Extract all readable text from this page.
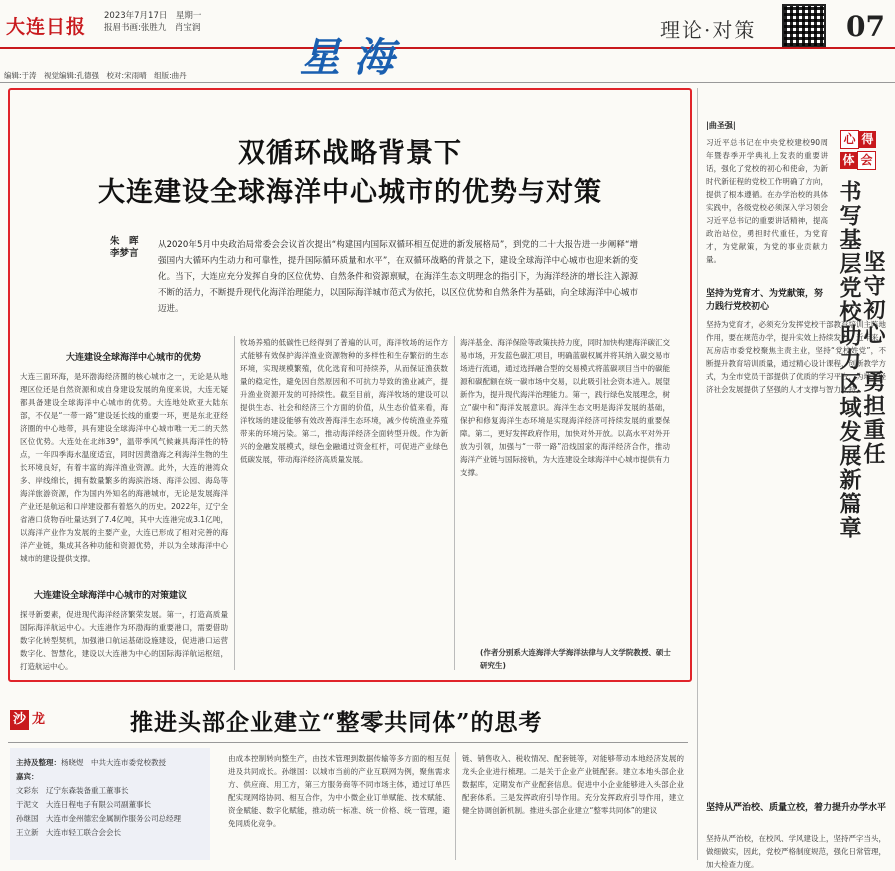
大连日报 2023年7月17日　星期一
报眉书画:张胜九　肖宝润	理论·对策	07
星海
编辑:于涛　视觉编辑:孔德强　校对:宋雨晴　组版:曲丹
双循环战略背景下
大连建设全球海洋中心城市的优势与对策
朱　晖
李梦言
从2020年5月中央政治局常委会会议首次提出“构建国内国际双循环相互促进的新发展格局”，到党的二十大报告进一步阐释“增强国内大循环内生动力和可靠性，提升国际循环质量和水平”，在双循环战略的背景之下，建设全球海洋中心城市也迎来新的变化。当下，大连应充分发挥自身的区位优势、自然条件和资源禀赋，在海洋生态文明理念的指引下，为海洋经济的增长注入源源不断的活力，不断提升现代化海洋治理能力，以国际海洋城市范式为依托，以区位优势和自然条件为基础，向全球海洋中心城市迈进。
大连建设全球海洋中心城市的优势
大连三面环海，是环渤海经济圈的核心城市之一，无论是从地理区位还是自然资源和成自身建设发展的角度来说，大连无疑都具备建设全球海洋中心城市的优势。大连地处欧亚大陆东部，不仅是“一带一路”建设延长线的重要一环，更是东北亚经济圈的中心地带，具有建设全球海洋中心城市唯一无二的天然区位优势。大连处在北纬39°，温带季风气候兼具海洋性的特点，一年四季海水温度适宜，同时因黄渤海之利海洋生物的生长环境良好，有着丰富的海洋渔业资源。此外，大连的港湾众多、岸线绵长，拥有数量繁多的海滨浴场、海洋公园、海岛等海洋旅游资源，作为国内外知名的海港城市，无论是发展海洋产业还是航运和口岸建设都有着悠久的历史。2022年，辽宁全省港口货物吞吐量达到了7.4亿吨，其中大连港完成3.1亿吨，以海洋产业作为发展的主要产业，大连已形成了相对完善的海洋产业链，集成其各种功能和资源优势，并以为全球海洋中心城市的建设提供支撑。
大连建设全球海洋中心城市的对策建议
探寻新要素，促进现代海洋经济繁荣发展。第一，打造高质量国际海洋航运中心。大连港作为环渤海的重要港口，需要借助数字化转型契机，加强港口航运基础设施建设，促进港口运营数字化、智慧化，建设以大连港为中心的国际海洋航运枢纽，打造航运中心。
牧场养殖的低碳性已经得到了普遍的认可，海洋牧场的运作方式能够有效保护海洋渔业资源物种的多样性和生存繁衍的生态环境，实现规模繁殖，优化选育和可持续养，从而保证渔获数量的稳定性，避免因自然原因和不可抗力导致的渔业减产，提升渔业资源开发的可持续性。截至目前，海洋牧场的建设可以提供生态、社会和经济三个方面的价值，从生态价值来看，海洋牧场的建设能够有效改善海洋生态环境，减少传统渔业养殖带来的环境污染。第二，推动海洋经济全面转型升级。作为新兴的金融发展模式，绿色金融通过资金杠杆，可促进产业绿色低碳发展，带动海洋经济高质量发展。
海洋基金、海洋保险等政策扶持力度，同时加快构建海洋碳汇交易市场，开发蓝色碳汇项目，明确蓝碳权属并将其纳入碳交易市场进行流通，通过选择融合型的交易模式将蓝碳项目当中的碳能源和碳配额在统一碳市场中交易，以此吸引社会资本进入。展望新作为，提升现代海洋治理能力。第一，践行绿色发展理念，树立“碳中和”海洋发展意识。海洋生态文明是海洋发展的基础，保护和修复海洋生态环境是实现海洋经济可持续发展的重要保障。第二，更好发挥政府作用，加快对外开放。以高水平对外开放为引领，加强与“一带一路”沿线国家的海洋经济合作，推动海洋产业链与国际接轨，为大连建设全球海洋中心城市提供有力支撑。
(作者分别系大连海洋大学海洋法律与人文学院教授、硕士研究生)
|曲圣强|
心 得体 会
书写基层党校助力区域发展新篇章
坚守初心　勇担重任
习近平总书记在中央党校建校90周年暨春季开学典礼上发表的重要讲话，强化了党校的初心和使命，为新时代新征程的党校工作明确了方向，提供了根本遵循。在办学治校的具体实践中，各级党校必须深入学习领会习近平总书记的重要讲话精神，提高政治站位，勇担时代重任，为党育才，为党献策，为党的事业贡献力量。
坚持为党育才、为党献策，努力践行党校初心
坚持为党育才，必须充分发挥党校干部教育培训主阵地作用，要在规范办学，提升实效上持续发力。近年来，瓦房店市委党校聚焦主责主业，坚持“党校姓党”，不断提升教育培训质量，通过精心设计课程，创新教学方式，为全市党员干部提供了优质的学习平台，为地方经济社会发展提供了坚强的人才支撑与智力支持。
坚持从严治校、质量立校，着力提升办学水平
坚持从严治校，在校风、学风建设上，坚持严字当头，做细做实，因此，党校严格制度规范，强化日常管理，加大检查力度。
沙 龙	推进头部企业建立“整零共同体”的思考
主持及整理：杨晓煜　中共大连市委党校教授
嘉宾：
文彩东　辽宁东森装备重工董事长
于泥文　大连日程电子有限公司副董事长
孙继国　大连市金州德宏金属制作服务公司总经理
王立新　大连市轻工联合会会长
由成本控制转向整生产，由技术管理到数据传输等多方面的相互促进及共同成长。孙继国：以城市当前的产业互联网为例，聚焦需求方、供应商、用工方，第三方服务商等不同市场主体，通过订单匹配实现网络协同、相互合作，为中小微企业订单赋能、技术赋能、资金赋能、数字化赋能，推动统一标准、统一价格、统一管理，避免同质化竞争。
链、销售收入、税收情况、配套链等，对能够带动本地经济发展的龙头企业进行梳理。二是关于企业产业链配套。建立本地头部企业数据库，定期发布产业配套信息。促进中小企业能够进入头部企业配套体系。三是发挥政府引导作用。充分发挥政府引导作用，建立健全协调创新机制。推进头部企业建立“整零共同体”的建议
